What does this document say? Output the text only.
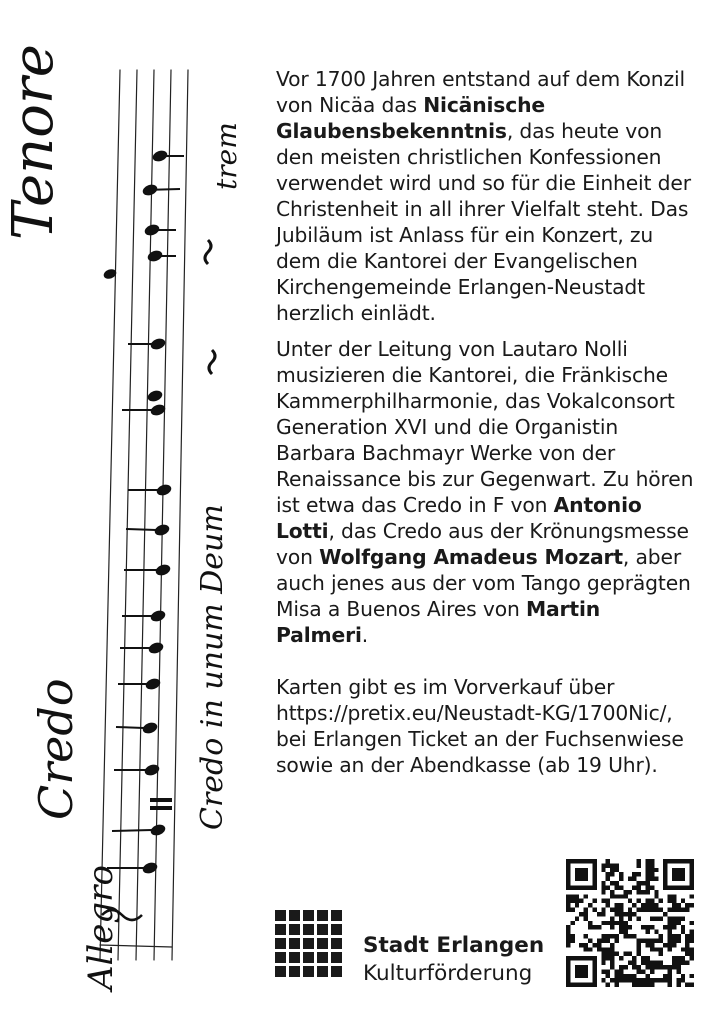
Tenore
Credo
Allegro
Credo in unum Deum
trem

Vor 1700 Jahren entstand auf dem Konzil von Nicäa das Nicänische Glaubensbekenntnis, das heute von den meisten christlichen Konfessionen verwendet wird und so für die Einheit der Christenheit in all ihrer Vielfalt steht. Das Jubiläum ist Anlass für ein Konzert, zu dem die Kantorei der Evangelischen Kirchengemeinde Erlangen-Neustadt herzlich einlädt.

Unter der Leitung von Lautaro Nolli musizieren die Kantorei, die Fränkische Kammerphilharmonie, das Vokalconsort Generation XVI und die Organistin Barbara Bachmayr Werke von der Renaissance bis zur Gegenwart. Zu hören ist etwa das Credo in F von Antonio Lotti, das Credo aus der Krönungsmesse von Wolfgang Amadeus Mozart, aber auch jenes aus der vom Tango geprägten Misa a Buenos Aires von Martin Palmeri.

Karten gibt es im Vorverkauf über https://pretix.eu/Neustadt-KG/1700Nic/, bei Erlangen Ticket an der Fuchsenwiese sowie an der Abendkasse (ab 19 Uhr).

Stadt Erlangen
Kulturförderung
